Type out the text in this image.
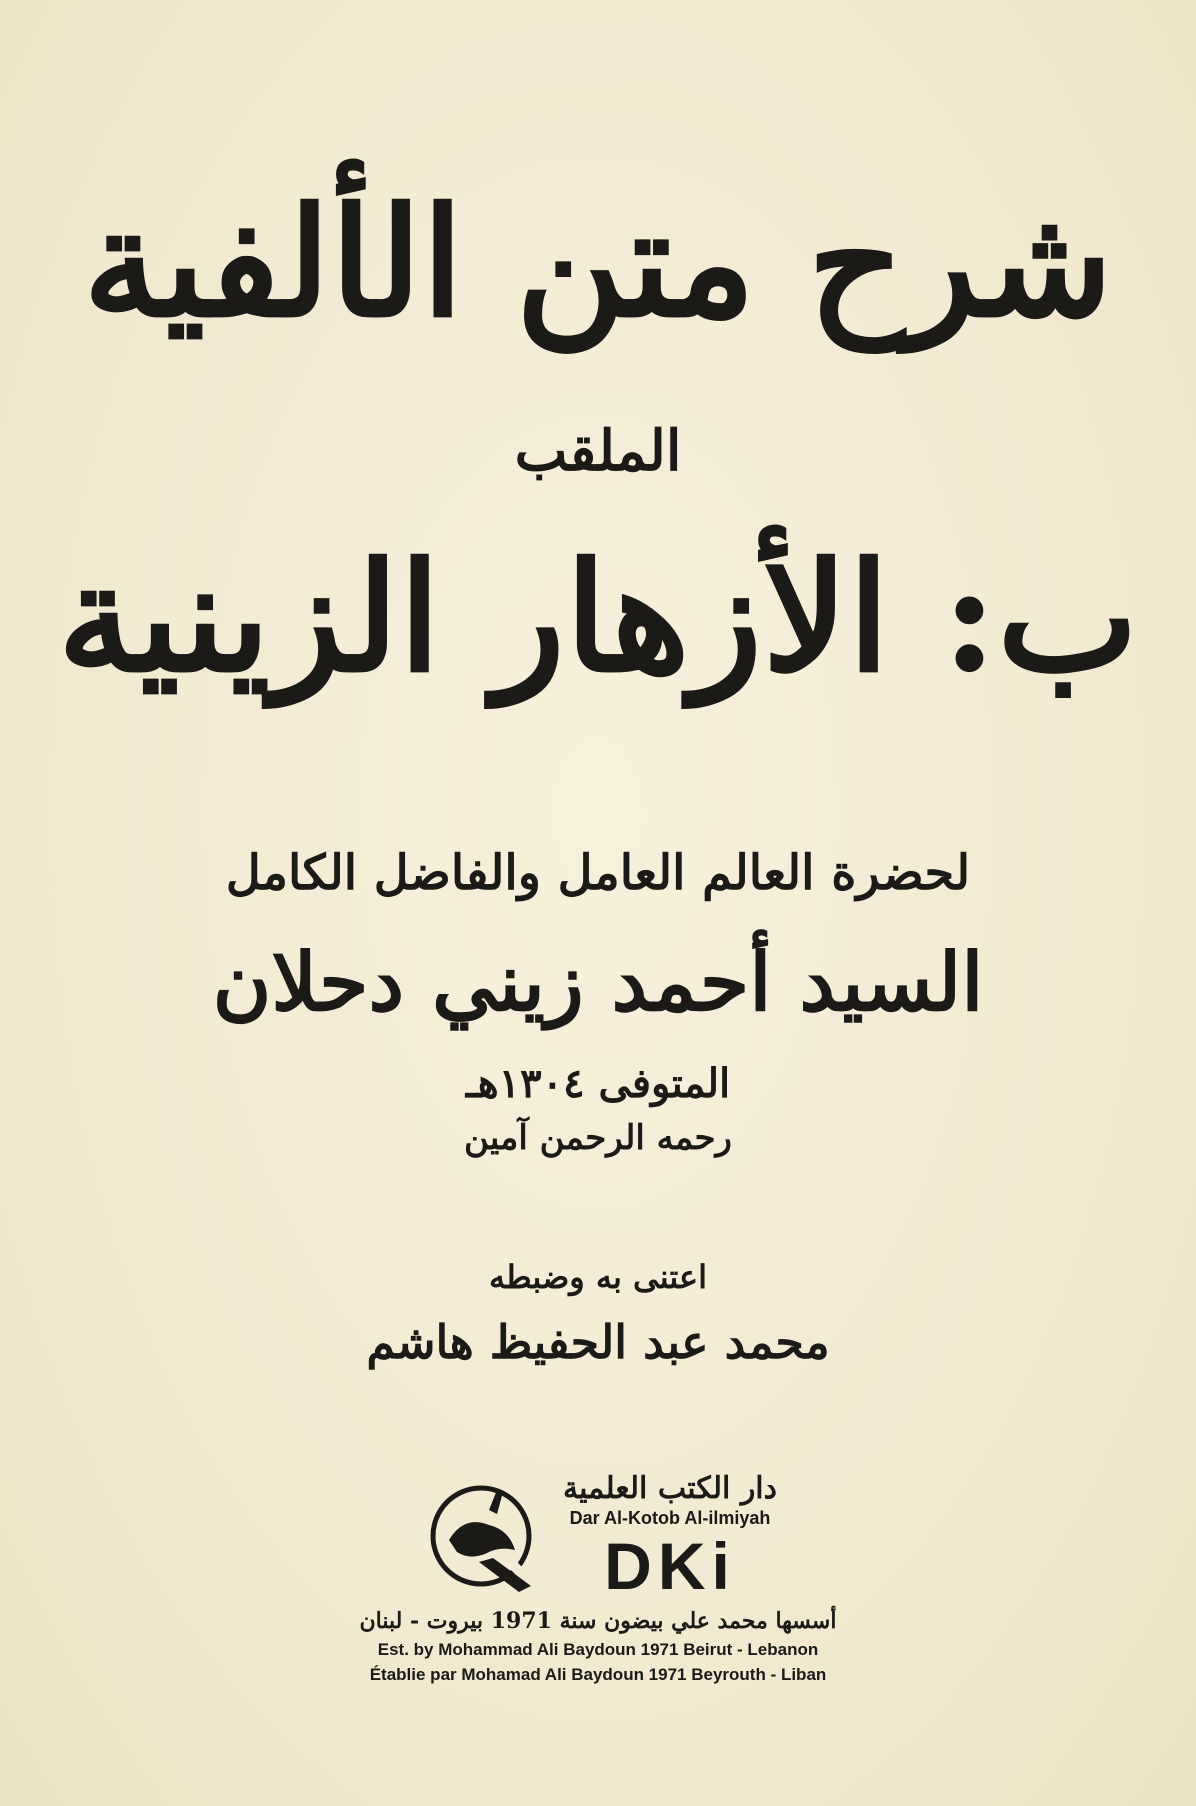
شرح متن الألفية
الملقب
ب: الأزهار الزينية
لحضرة العالم العامل والفاضل الكامل
السيد أحمد زيني دحلان
المتوفى ١٣٠٤هـ
رحمه الرحمن آمين
اعتنى به وضبطه
محمد عبد الحفيظ هاشم
دار الكتب العلمية
Dar Al-Kotob Al-ilmiyah
DKi
أسسها محمد علي بيضون سنة 1971 بيروت - لبنان
Est. by Mohammad Ali Baydoun 1971 Beirut - Lebanon
Établie par Mohamad Ali Baydoun 1971 Beyrouth - Liban
